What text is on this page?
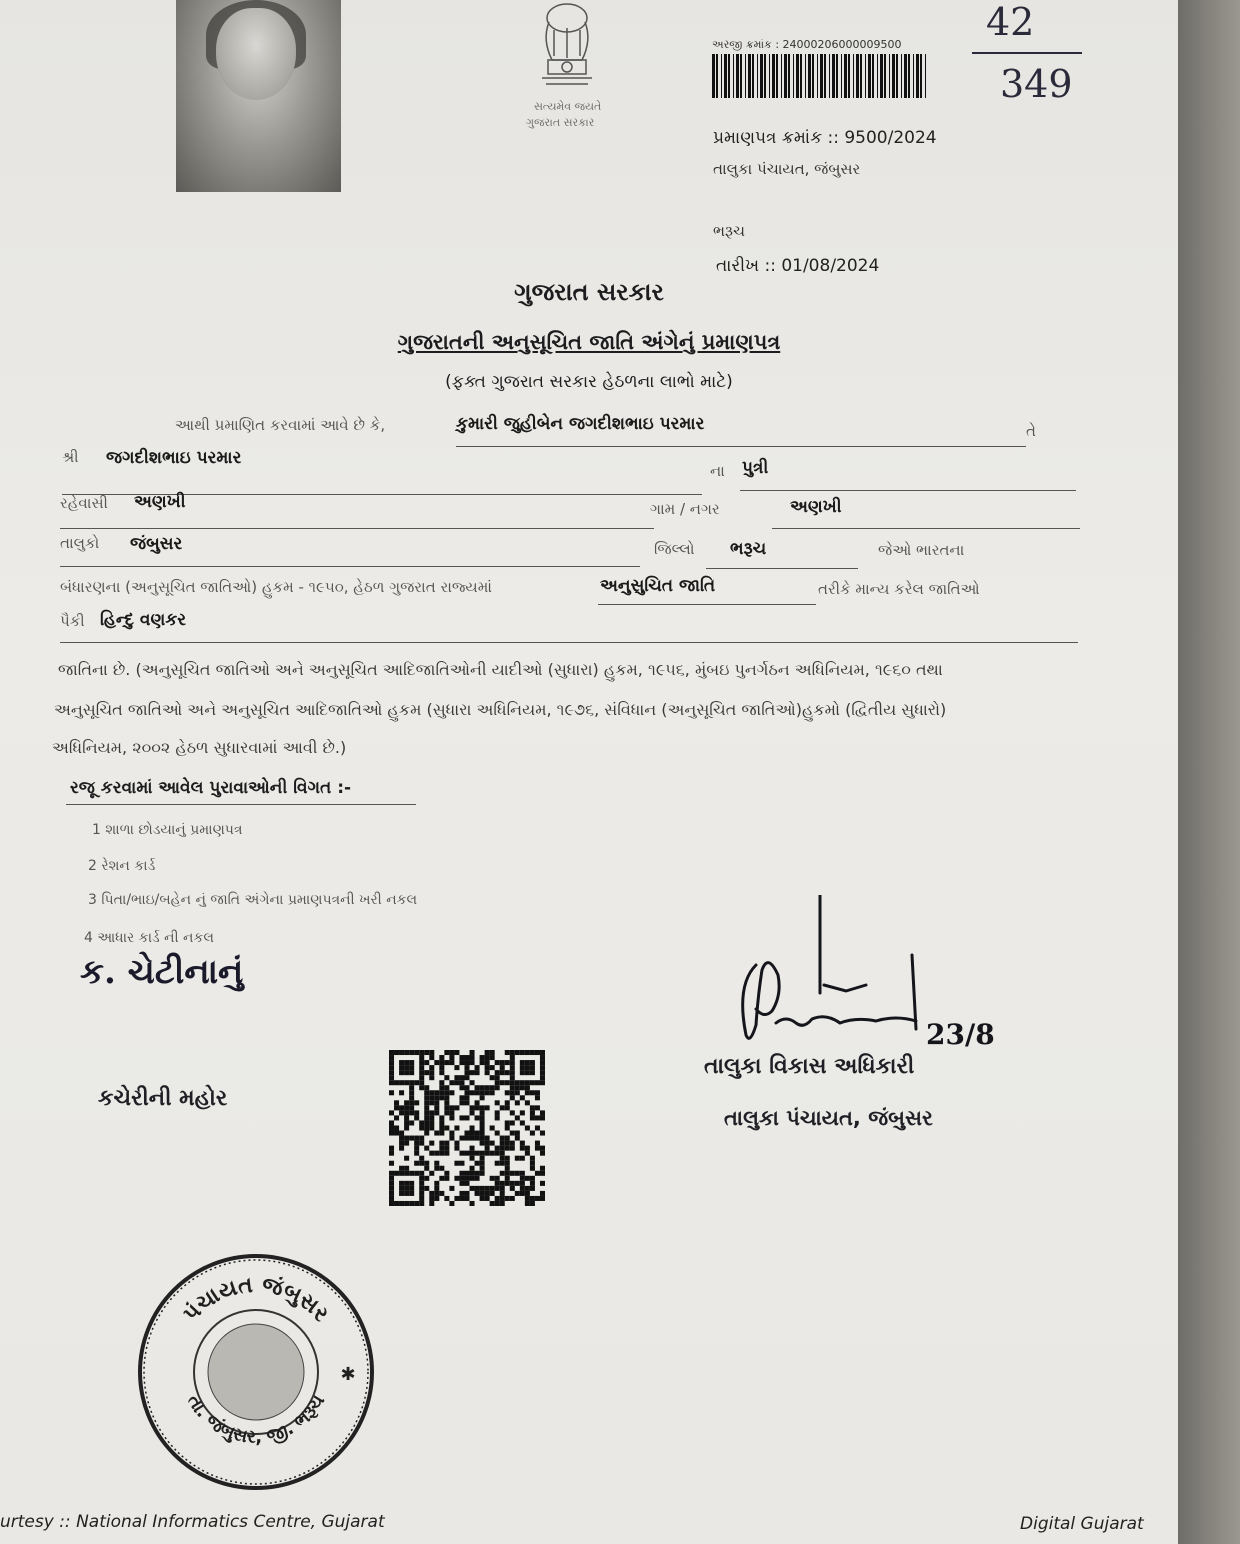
સત્યમેવ જયતે
ગુજરાત સરકાર
અરજી ક્રમાંક : 24000206000009500
42
349
પ્રમાણપત્ર ક્રમાંક :: 9500/2024
તાલુકા પંચાયત, જંબુસર
ભરૂચ
તારીખ :: 01/08/2024
ગુજરાત સરકાર
ગુજરાતની અનુસૂચિત જાતિ અંગેનું પ્રમાણપત્ર
(ફક્ત ગુજરાત સરકાર હેઠળના લાભો માટે)
આથી પ્રમાણિત કરવામાં આવે છે કે,	કુમારી જુહીબેન જગદીશભાઇ પરમાર	તે
શ્રી જગદીશભાઇ પરમાર
ના પુત્રી
રહેવાસી અણખી	ગામ / નગર	અણખી
તાલુકો જંબુસર	જિલ્લો ભરૂચ	જેઓ ભારતના
બંધારણના (અનુસૂચિત જાતિઓ) હુકમ - ૧૯૫૦, હેઠળ ગુજરાત રાજ્યમાં	અનુસુચિત જાતિ	તરીકે માન્ય કરેલ જાતિઓ
પૈકી હિન્દુ વણકર
જાતિના છે. (અનુસૂચિત જાતિઓ અને અનુસૂચિત આદિજાતિઓની યાદીઓ (સુધારા) હુકમ, ૧૯૫૬, મુંબઇ પુનર્ગઠન અધિનિયમ, ૧૯૬૦ તથા
અનુસૂચિત જાતિઓ અને અનુસૂચિત આદિજાતિઓ હુકમ (સુધારા અધિનિયમ, ૧૯૭૬, સંવિધાન (અનુસૂચિત જાતિઓ)હુકમો (દ્વિતીય સુધારો)
અધિનિયમ, ૨૦૦૨ હેઠળ સુધારવામાં આવી છે.)
રજૂ કરવામાં આવેલ પુરાવાઓની વિગત :-
1 શાળા છોડયાનું પ્રમાણપત્ર
2 રેશન કાર્ડ
3 પિતા/ભાઇ/બહેન નું જાતિ અંગેના પ્રમાણપત્રની ખરી નકલ
4 આધાર કાર્ડ ની નકલ
ક. ચેટીનાનું
23/8
તાલુકા વિકાસ અધિકારી
તાલુકા પંચાયત, જંબુસર
કચેરીની મહોર
પંચાયત જંબુસર
તા. જંબુસર, જી. ભરૂચ
✱
urtesy :: National Informatics Centre, Gujarat	Digital Gujarat
